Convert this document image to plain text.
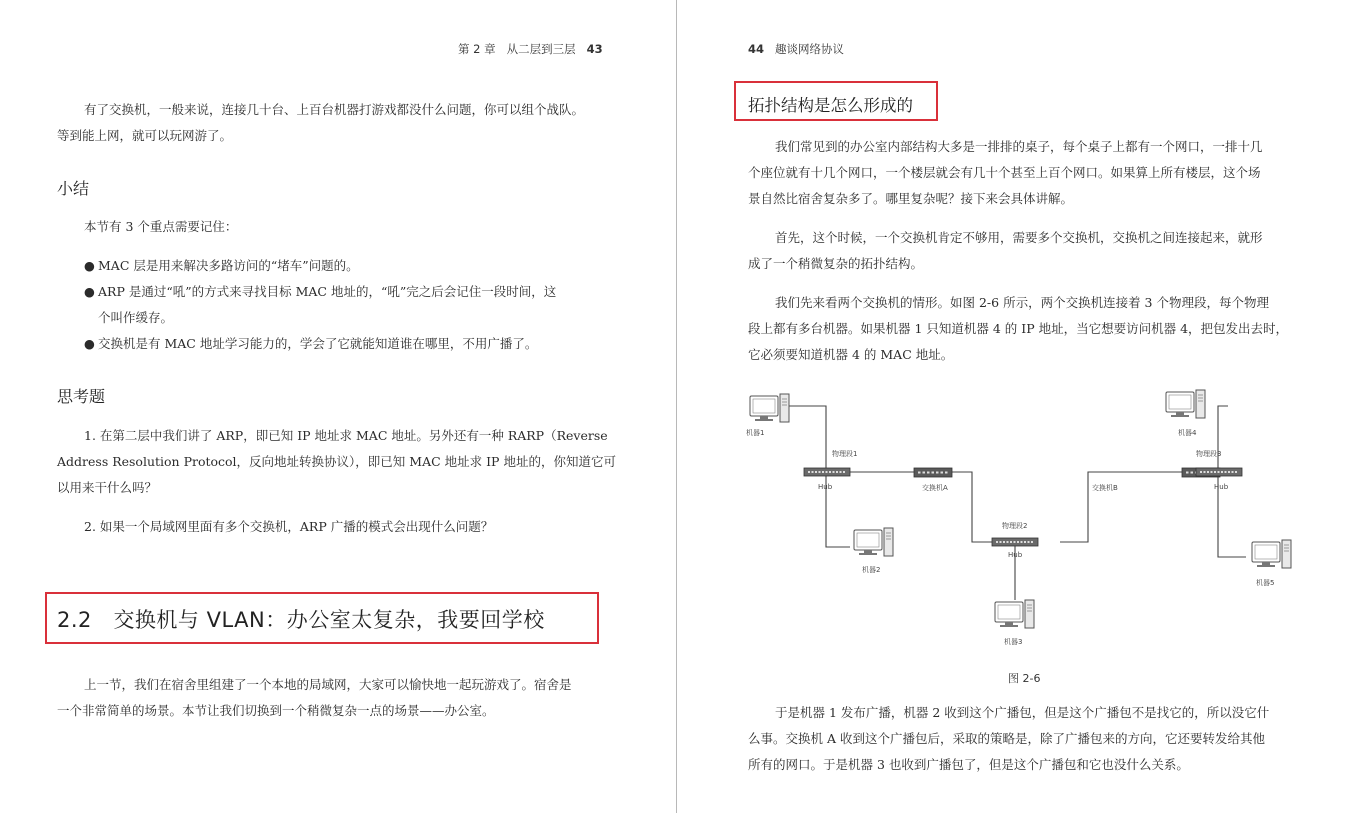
第 2 章 从二层到三层 43
有了交换机，一般来说，连接几十台、上百台机器打游戏都没什么问题，你可以组个战队。
等到能上网，就可以玩网游了。
小结
本节有 3 个重点需要记住：
● MAC 层是用来解决多路访问的“堵车”问题的。
● ARP 是通过“吼”的方式来寻找目标 MAC 地址的，“吼”完之后会记住一段时间，这
个叫作缓存。
● 交换机是有 MAC 地址学习能力的，学会了它就能知道谁在哪里，不用广播了。
思考题
1. 在第二层中我们讲了 ARP，即已知 IP 地址求 MAC 地址。另外还有一种 RARP（Reverse
Address Resolution Protocol，反向地址转换协议），即已知 MAC 地址求 IP 地址的，你知道它可
以用来干什么吗？
2. 如果一个局域网里面有多个交换机，ARP 广播的模式会出现什么问题？
2.2 交换机与 VLAN：办公室太复杂，我要回学校
上一节，我们在宿舍里组建了一个本地的局域网，大家可以愉快地一起玩游戏了。宿舍是
一个非常简单的场景。本节让我们切换到一个稍微复杂一点的场景——办公室。
44 趣谈网络协议
拓扑结构是怎么形成的
我们常见到的办公室内部结构大多是一排排的桌子，每个桌子上都有一个网口，一排十几
个座位就有十几个网口，一个楼层就会有几十个甚至上百个网口。如果算上所有楼层，这个场
景自然比宿舍复杂多了。哪里复杂呢？接下来会具体讲解。
首先，这个时候，一个交换机肯定不够用，需要多个交换机，交换机之间连接起来，就形
成了一个稍微复杂的拓扑结构。
我们先来看两个交换机的情形。如图 2-6 所示，两个交换机连接着 3 个物理段，每个物理
段上都有多台机器。如果机器 1 只知道机器 4 的 IP 地址，当它想要访问机器 4，把包发出去时，
它必须要知道机器 4 的 MAC 地址。
机器1
物理段1
Hub	交换机A
机器2
物理段2
Hub
机器3
交换机B
机器4
物理段3
Hub
机器5
图 2-6
于是机器 1 发布广播，机器 2 收到这个广播包，但是这个广播包不是找它的，所以没它什
么事。交换机 A 收到这个广播包后，采取的策略是，除了广播包来的方向，它还要转发给其他
所有的网口。于是机器 3 也收到广播包了，但是这个广播包和它也没什么关系。
